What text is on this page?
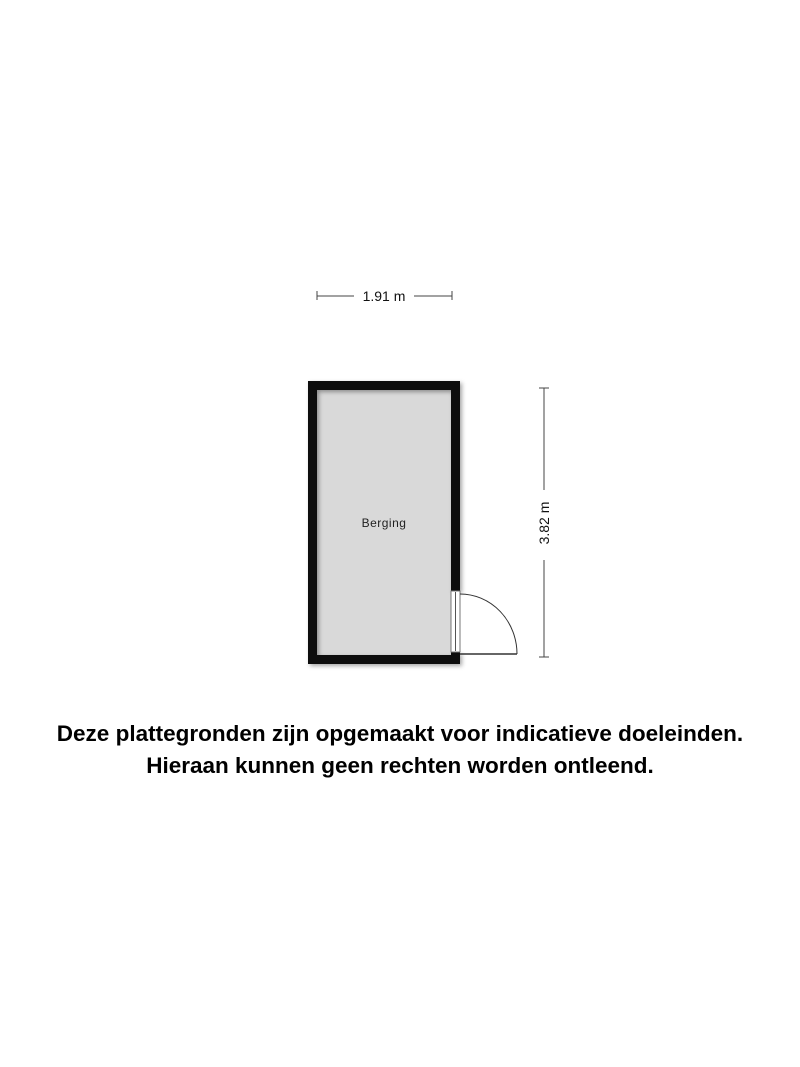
1.91 m
3.82 m
Berging
Deze plattegronden zijn opgemaakt voor indicatieve doeleinden.
Hieraan kunnen geen rechten worden ontleend.
